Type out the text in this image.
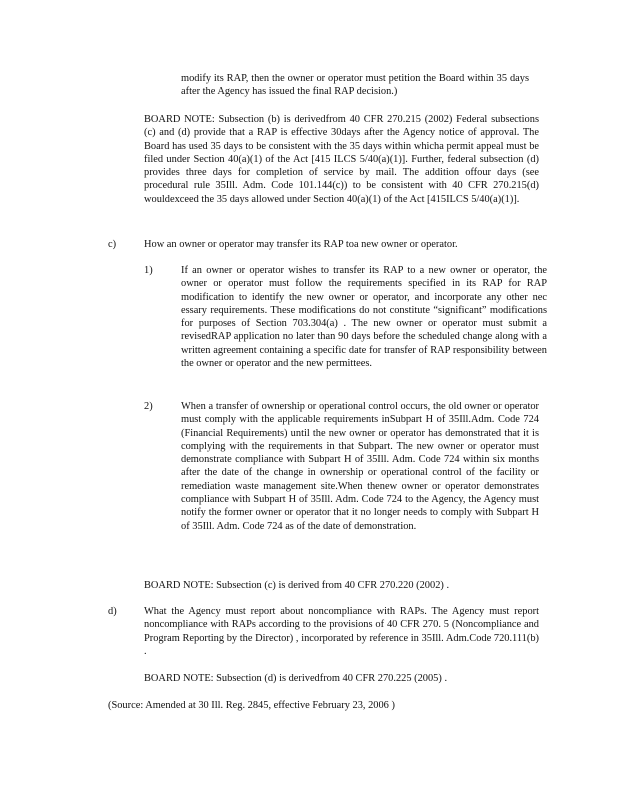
modify its RAP, then the owner or operator must petition the Board within 35 days after the Agency has issued the final RAP decision.)
BOARD NOTE: Subsection (b) is derivedfrom 40 CFR 270.215 (2002) Federal subsections (c) and (d) provide that a RAP is effective 30days after the Agency notice of approval. The Board has used 35 days to be consistent with the 35 days within whicha permit appeal must be filed under Section 40(a)(1) of the Act [415 ILCS 5/40(a)(1)]. Further, federal subsection (d) provides three days for completion of service by mail. The addition offour days (see procedural rule 35Ill. Adm. Code 101.144(c)) to be consistent with 40 CFR 270.215(d) wouldexceed the 35 days allowed under Section 40(a)(1) of the Act [415ILCS 5/40(a)(1)].
c)	How an owner or operator may transfer its RAP toa new owner or operator.
1)	If an owner or operator wishes to transfer its RAP to a new owner or operator, the owner or operator must follow the requirements specified in its RAP for RAP modification to identify the new owner or operator, and incorporate any other nec essary requirements. These modifications do not constitute “significant” modifications for purposes of Section 703.304(a) . The new owner or operator must submit a revisedRAP application no later than 90 days before the scheduled change along with a written agreement containing a specific date for transfer of RAP responsibility between the owner or operator and the new permittees.
2)	When a transfer of ownership or operational control occurs, the old owner or operator must comply with the applicable requirements inSubpart H of 35Ill.Adm. Code 724 (Financial Requirements) until the new owner or operator has demonstrated that it is complying with the requirements in that Subpart. The new owner or operator must demonstrate compliance with Subpart H of 35Ill. Adm. Code 724 within six months after the date of the change in ownership or operational control of the facility or remediation waste management site.When thenew owner or operator demonstrates compliance with Subpart H of 35Ill. Adm. Code 724 to the Agency, the Agency must notify the former owner or operator that it no longer needs to comply with Subpart H of 35Ill. Adm. Code 724 as of the date of demonstration.
BOARD NOTE: Subsection (c) is derived from 40 CFR 270.220 (2002) .
d)	What the Agency must report about noncompliance with RAPs. The Agency must report noncompliance with RAPs according to the provisions of 40 CFR 270. 5 (Noncompliance and Program Reporting by the Director) , incorporated by reference in 35Ill. Adm.Code 720.111(b) .
BOARD NOTE: Subsection (d) is derivedfrom 40 CFR 270.225 (2005) .
(Source: Amended at 30 Ill. Reg. 2845, effective February 23, 2006 )
